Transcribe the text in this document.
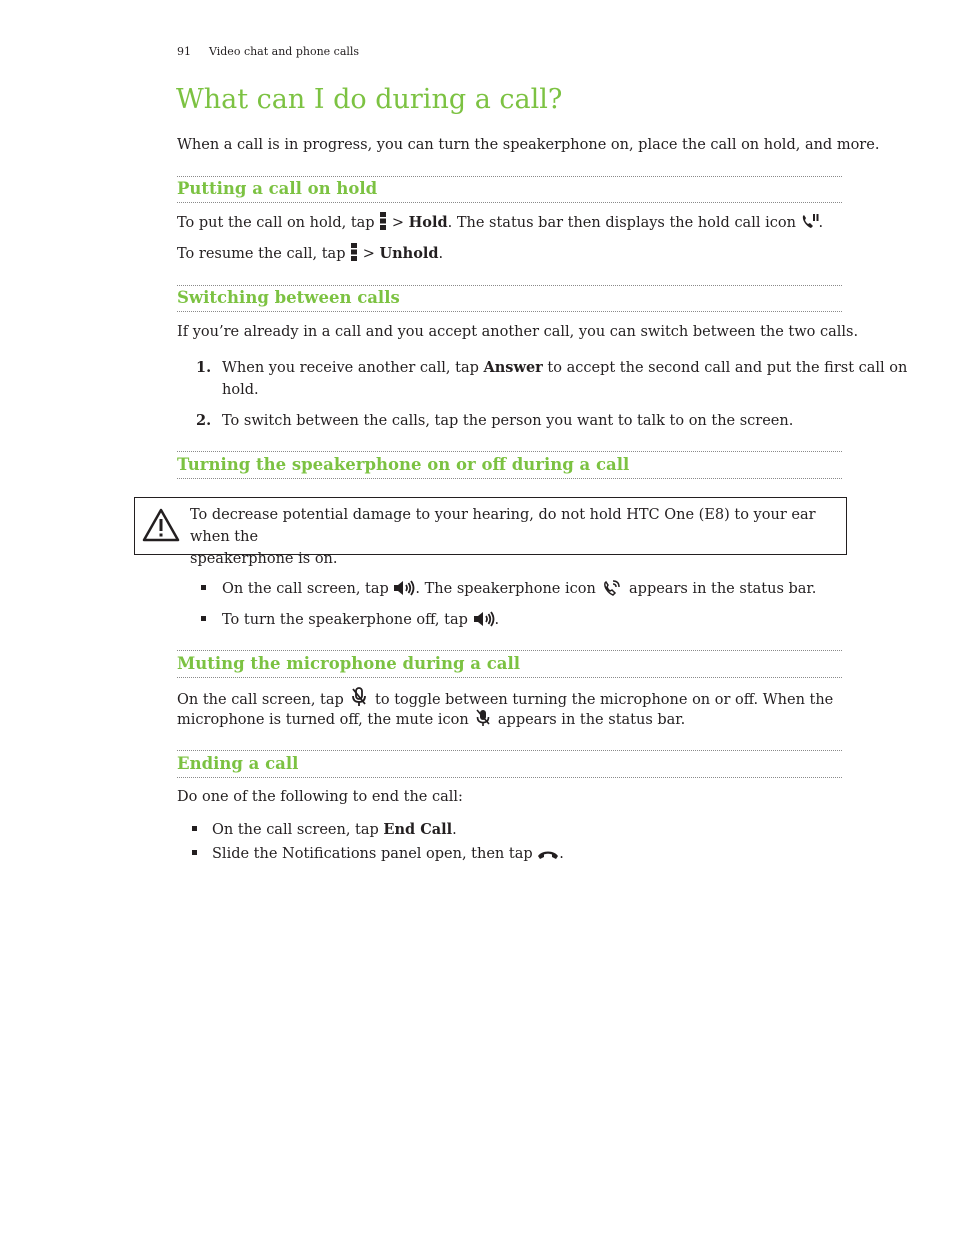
91 Video chat and phone calls
What can I do during a call?
When a call is in progress, you can turn the speakerphone on, place the call on hold, and more.
Putting a call on hold
To put the call on hold, tap > Hold. The status bar then displays the hold call icon .
To resume the call, tap > Unhold.
Switching between calls
If you’re already in a call and you accept another call, you can switch between the two calls.
1. When you receive another call, tap Answer to accept the second call and put the first call on
hold.
2. To switch between the calls, tap the person you want to talk to on the screen.
Turning the speakerphone on or off during a call
To decrease potential damage to your hearing, do not hold HTC One (E8) to your ear when the
speakerphone is on.
On the call screen, tap . The speakerphone icon appears in the status bar.
To turn the speakerphone off, tap .
Muting the microphone during a call
On the call screen, tap to toggle between turning the microphone on or off. When the
microphone is turned off, the mute icon appears in the status bar.
Ending a call
Do one of the following to end the call:
On the call screen, tap End Call.
Slide the Notifications panel open, then tap .
